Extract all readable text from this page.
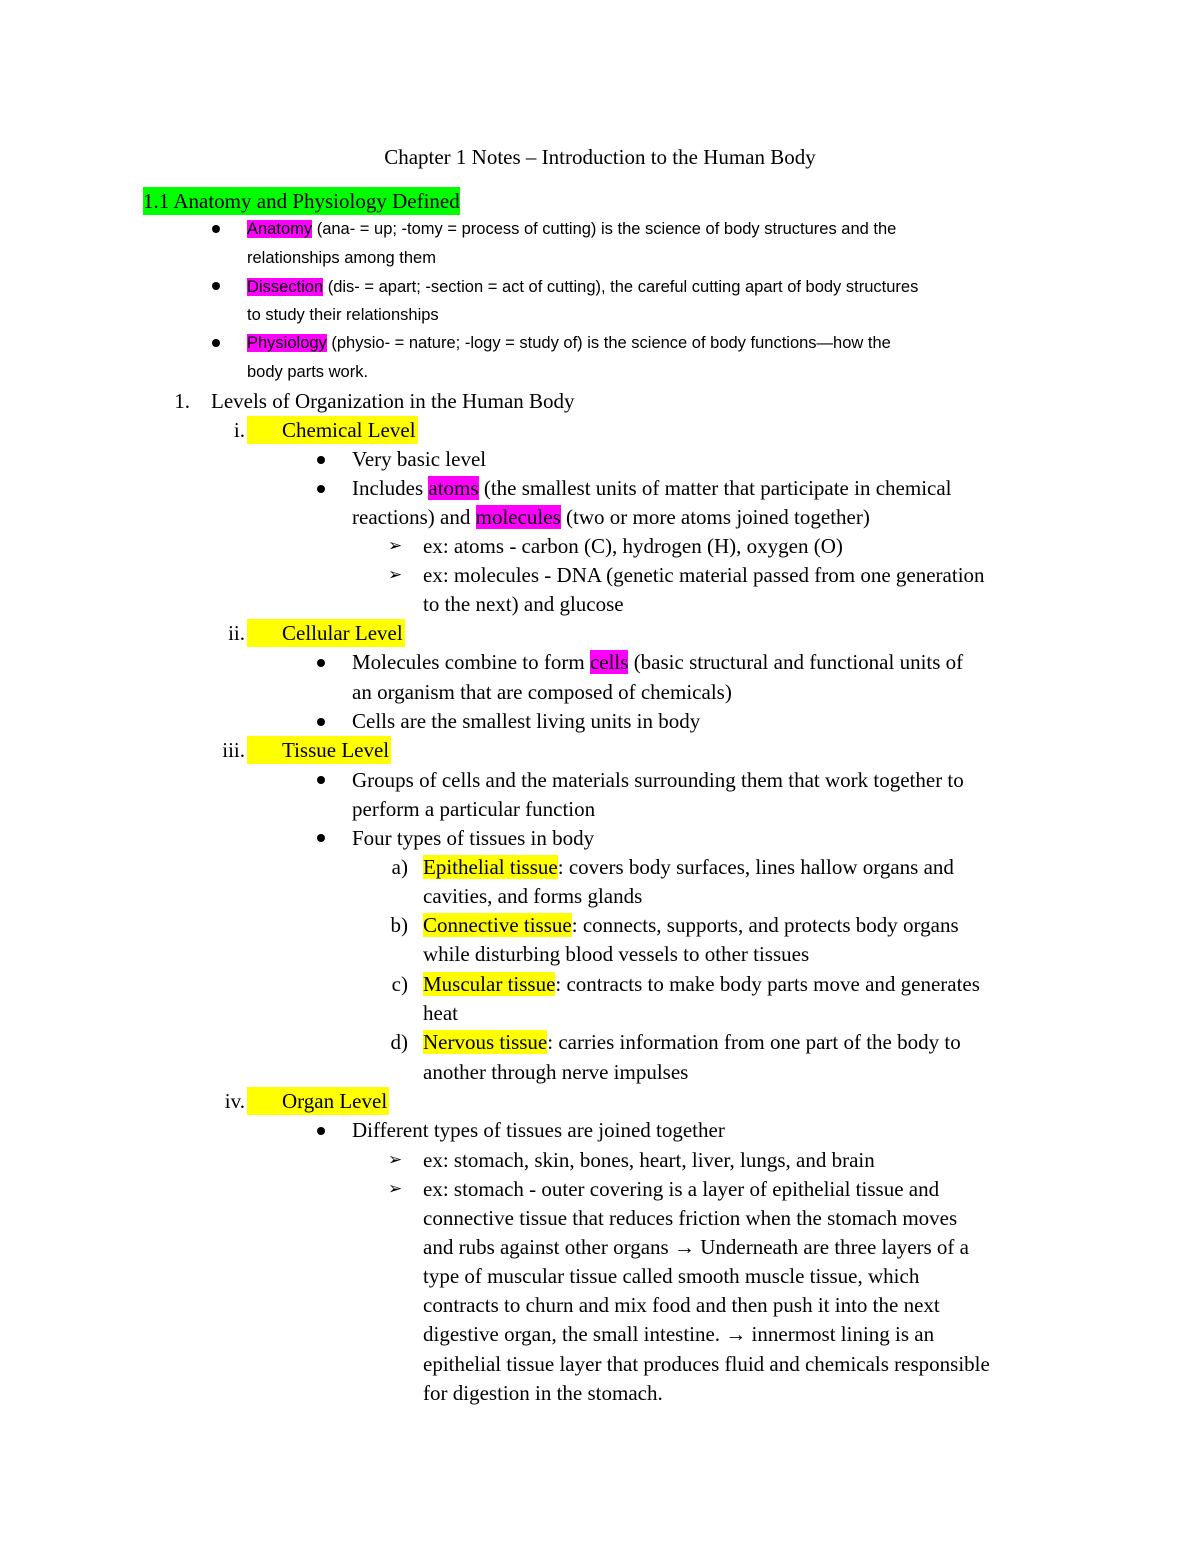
Chapter 1 Notes – Introduction to the Human Body
1.1 Anatomy and Physiology Defined
Anatomy (ana- = up; -tomy = process of cutting) is the science of body structures and the
relationships among them
Dissection (dis- = apart; -section = act of cutting), the careful cutting apart of body structures
to study their relationships
Physiology (physio- = nature; -logy = study of) is the science of body functions—how the
body parts work.
1. Levels of Organization in the Human Body
i.	Chemical Level
Very basic level
Includes atoms (the smallest units of matter that participate in chemical
reactions) and molecules (two or more atoms joined together)
➢ ex: atoms - carbon (C), hydrogen (H), oxygen (O)
➢ ex: molecules - DNA (genetic material passed from one generation
to the next) and glucose
ii.	Cellular Level
Molecules combine to form cells (basic structural and functional units of
an organism that are composed of chemicals)
Cells are the smallest living units in body
iii.	Tissue Level
Groups of cells and the materials surrounding them that work together to
perform a particular function
Four types of tissues in body
a) Epithelial tissue: covers body surfaces, lines hallow organs and
cavities, and forms glands
b) Connective tissue: connects, supports, and protects body organs
while disturbing blood vessels to other tissues
c) Muscular tissue: contracts to make body parts move and generates
heat
d) Nervous tissue: carries information from one part of the body to
another through nerve impulses
iv.	Organ Level
Different types of tissues are joined together
➢ ex: stomach, skin, bones, heart, liver, lungs, and brain
➢ ex: stomach - outer covering is a layer of epithelial tissue and
connective tissue that reduces friction when the stomach moves
and rubs against other organs → Underneath are three layers of a
type of muscular tissue called smooth muscle tissue, which
contracts to churn and mix food and then push it into the next
digestive organ, the small intestine. → innermost lining is an
epithelial tissue layer that produces fluid and chemicals responsible
for digestion in the stomach.
